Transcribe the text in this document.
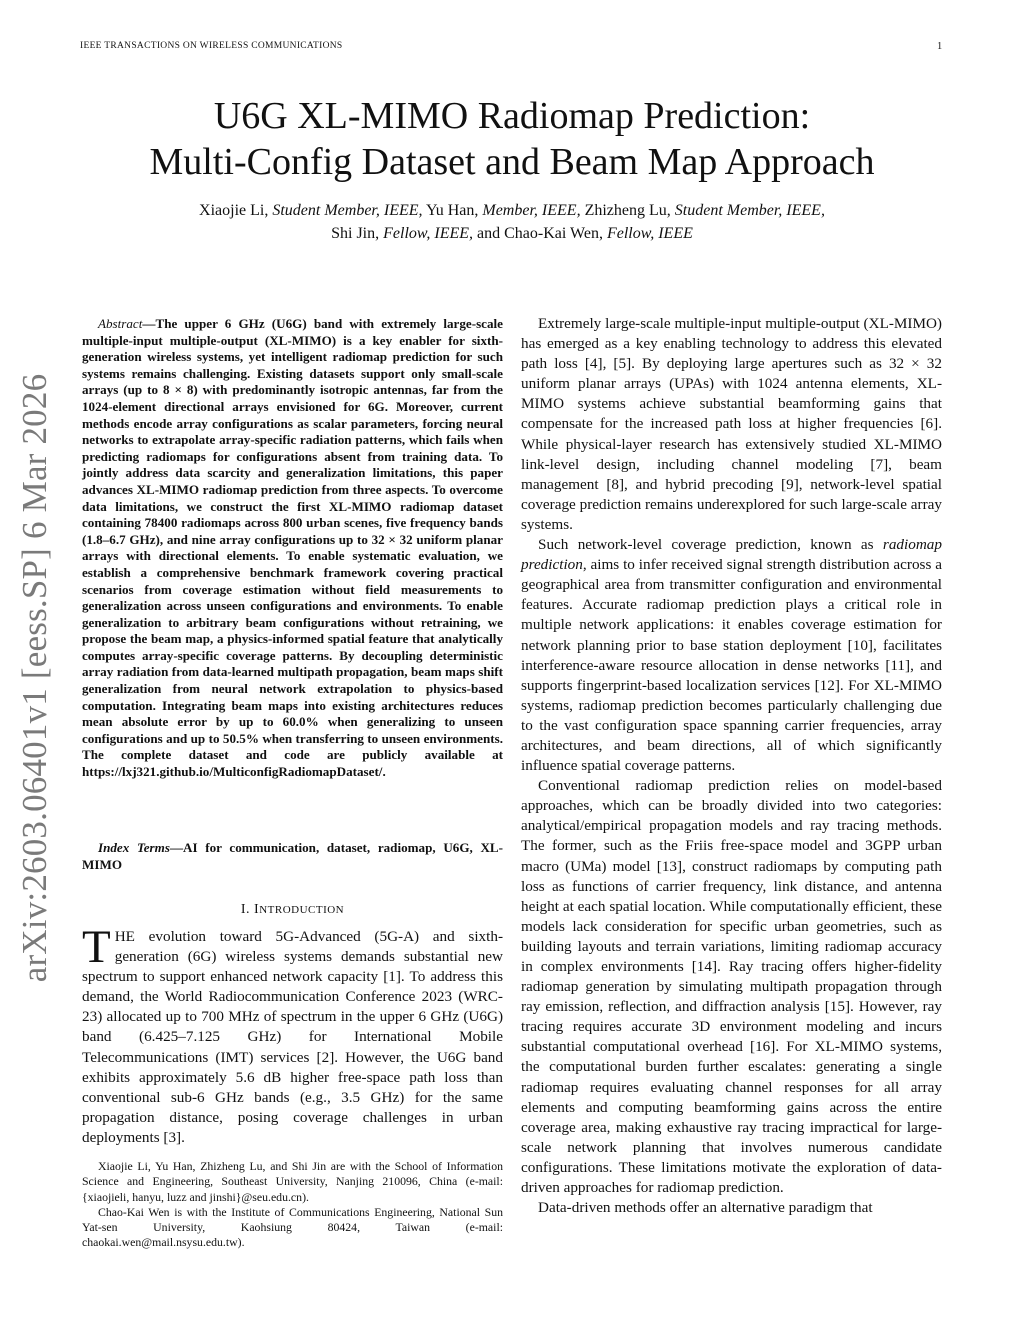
IEEE TRANSACTIONS ON WIRELESS COMMUNICATIONS	1
U6G XL-MIMO Radiomap Prediction:
Multi-Config Dataset and Beam Map Approach
Xiaojie Li, Student Member, IEEE, Yu Han, Member, IEEE, Zhizheng Lu, Student Member, IEEE,
Shi Jin, Fellow, IEEE, and Chao-Kai Wen, Fellow, IEEE
arXiv:2603.06401v1 [eess.SP] 6 Mar 2026

Abstract—The upper 6 GHz (U6G) band with extremely large-scale multiple-input multiple-output (XL-MIMO) is a key enabler for sixth-generation wireless systems, yet intelligent radiomap prediction for such systems remains challenging. Existing datasets support only small-scale arrays (up to 8 × 8) with predominantly isotropic antennas, far from the 1024-element directional arrays envisioned for 6G. Moreover, current methods encode array configurations as scalar parameters, forcing neural networks to extrapolate array-specific radiation patterns, which fails when predicting radiomaps for configurations absent from training data. To jointly address data scarcity and generalization limitations, this paper advances XL-MIMO radiomap prediction from three aspects. To overcome data limitations, we construct the first XL-MIMO radiomap dataset containing 78400 radiomaps across 800 urban scenes, five frequency bands (1.8–6.7 GHz), and nine array configurations up to 32 × 32 uniform planar arrays with directional elements. To enable systematic evaluation, we establish a comprehensive benchmark framework covering practical scenarios from coverage estimation without field measurements to generalization across unseen configurations and environments. To enable generalization to arbitrary beam configurations without retraining, we propose the beam map, a physics-informed spatial feature that analytically computes array-specific coverage patterns. By decoupling deterministic array radiation from data-learned multipath propagation, beam maps shift generalization from neural network extrapolation to physics-based computation. Integrating beam maps into existing architectures reduces mean absolute error by up to 60.0% when generalizing to unseen configurations and up to 50.5% when transferring to unseen environments. The complete dataset and code are publicly available at https://lxj321.github.io/MulticonfigRadiomapDataset/.

Index Terms—AI for communication, dataset, radiomap, U6G, XL-MIMO

I. INTRODUCTION
THE evolution toward 5G-Advanced (5G-A) and sixth-generation (6G) wireless systems demands substantial new spectrum to support enhanced network capacity [1]. To address this demand, the World Radiocommunication Conference 2023 (WRC-23) allocated up to 700 MHz of spectrum in the upper 6 GHz (U6G) band (6.425–7.125 GHz) for International Mobile Telecommunications (IMT) services [2]. However, the U6G band exhibits approximately 5.6 dB higher free-space path loss than conventional sub-6 GHz bands (e.g., 3.5 GHz) for the same propagation distance, posing coverage challenges in urban deployments [3].

Xiaojie Li, Yu Han, Zhizheng Lu, and Shi Jin are with the School of Information Science and Engineering, Southeast University, Nanjing 210096, China (e-mail: {xiaojieli, hanyu, luzz and jinshi}@seu.edu.cn).

Chao-Kai Wen is with the Institute of Communications Engineering, National Sun Yat-sen University, Kaohsiung 80424, Taiwan (e-mail: chaokai.wen@mail.nsysu.edu.tw).

Extremely large-scale multiple-input multiple-output (XL-MIMO) has emerged as a key enabling technology to address this elevated path loss [4], [5]. By deploying large apertures such as 32 × 32 uniform planar arrays (UPAs) with 1024 antenna elements, XL-MIMO systems achieve substantial beamforming gains that compensate for the increased path loss at higher frequencies [6]. While physical-layer research has extensively studied XL-MIMO link-level design, including channel modeling [7], beam management [8], and hybrid precoding [9], network-level spatial coverage prediction remains underexplored for such large-scale array systems.

Such network-level coverage prediction, known as radiomap prediction, aims to infer received signal strength distribution across a geographical area from transmitter configuration and environmental features. Accurate radiomap prediction plays a critical role in multiple network applications: it enables coverage estimation for network planning prior to base station deployment [10], facilitates interference-aware resource allocation in dense networks [11], and supports fingerprint-based localization services [12]. For XL-MIMO systems, radiomap prediction becomes particularly challenging due to the vast configuration space spanning carrier frequencies, array architectures, and beam directions, all of which significantly influence spatial coverage patterns.

Conventional radiomap prediction relies on model-based approaches, which can be broadly divided into two categories: analytical/empirical propagation models and ray tracing methods. The former, such as the Friis free-space model and 3GPP urban macro (UMa) model [13], construct radiomaps by computing path loss as functions of carrier frequency, link distance, and antenna height at each spatial location. While computationally efficient, these models lack consideration for specific urban geometries, such as building layouts and terrain variations, limiting radiomap accuracy in complex environments [14]. Ray tracing offers higher-fidelity radiomap generation by simulating multipath propagation through ray emission, reflection, and diffraction analysis [15]. However, ray tracing requires accurate 3D environment modeling and incurs substantial computational overhead [16]. For XL-MIMO systems, the computational burden further escalates: generating a single radiomap requires evaluating channel responses for all array elements and computing beamforming gains across the entire coverage area, making exhaustive ray tracing impractical for large-scale network planning that involves numerous candidate configurations. These limitations motivate the exploration of data-driven approaches for radiomap prediction.

Data-driven methods offer an alternative paradigm that
